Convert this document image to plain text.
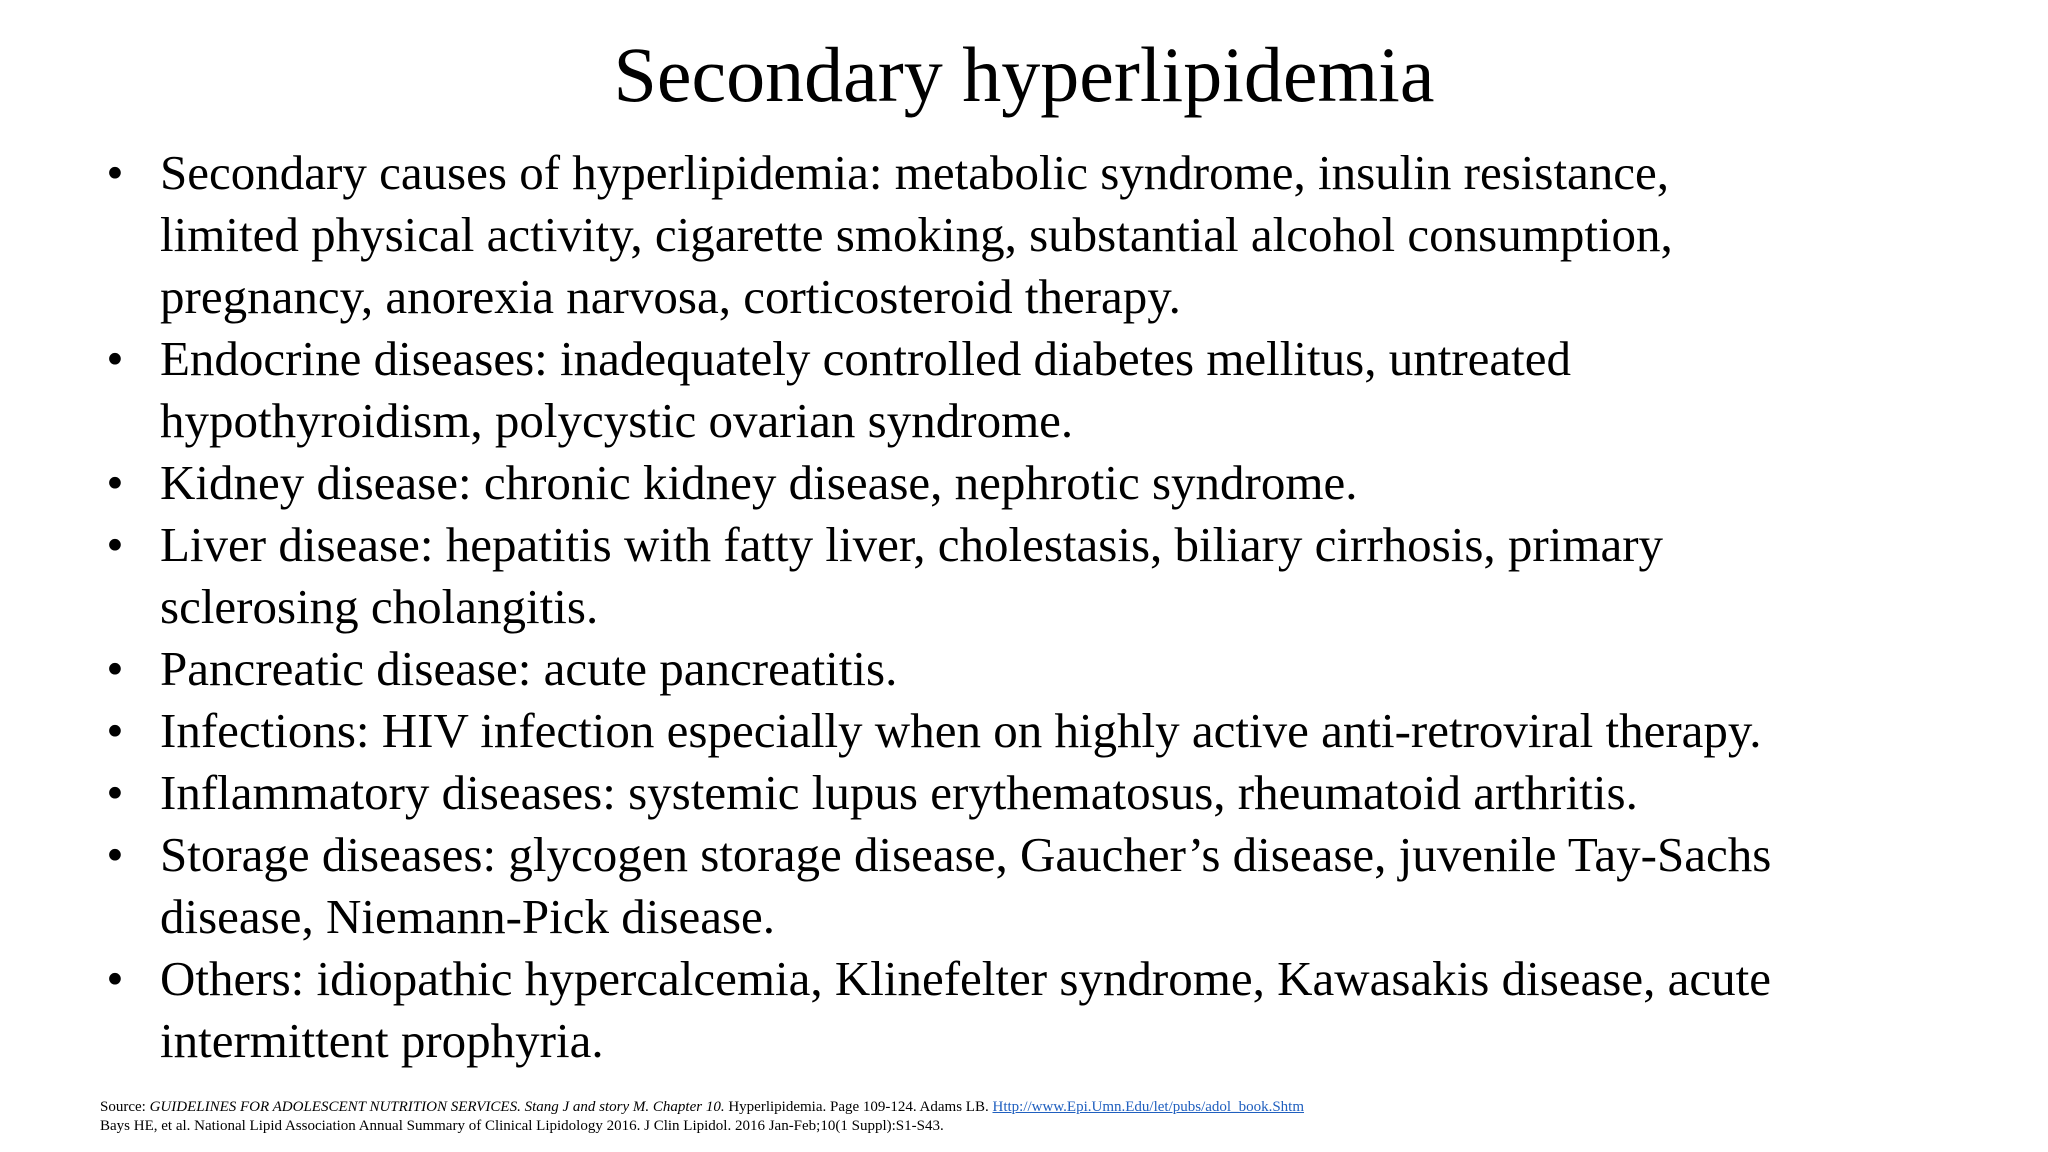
Secondary hyperlipidemia
• Secondary causes of hyperlipidemia: metabolic syndrome, insulin resistance,
limited physical activity, cigarette smoking, substantial alcohol consumption,
pregnancy, anorexia narvosa, corticosteroid therapy.
• Endocrine diseases: inadequately controlled diabetes mellitus, untreated
hypothyroidism, polycystic ovarian syndrome.
• Kidney disease: chronic kidney disease, nephrotic syndrome.
• Liver disease: hepatitis with fatty liver, cholestasis, biliary cirrhosis, primary
sclerosing cholangitis.
• Pancreatic disease: acute pancreatitis.
• Infections: HIV infection especially when on highly active anti-retroviral therapy.
• Inflammatory diseases: systemic lupus erythematosus, rheumatoid arthritis.
• Storage diseases: glycogen storage disease, Gaucher’s disease, juvenile Tay-Sachs
disease, Niemann-Pick disease.
• Others: idiopathic hypercalcemia, Klinefelter syndrome, Kawasakis disease, acute
intermittent prophyria.
Source: GUIDELINES FOR ADOLESCENT NUTRITION SERVICES. Stang J and story M. Chapter 10. Hyperlipidemia. Page 109-124. Adams LB. Http://www.Epi.Umn.Edu/let/pubs/adol_book.Shtm
Bays HE, et al. National Lipid Association Annual Summary of Clinical Lipidology 2016. J Clin Lipidol. 2016 Jan-Feb;10(1 Suppl):S1-S43.
